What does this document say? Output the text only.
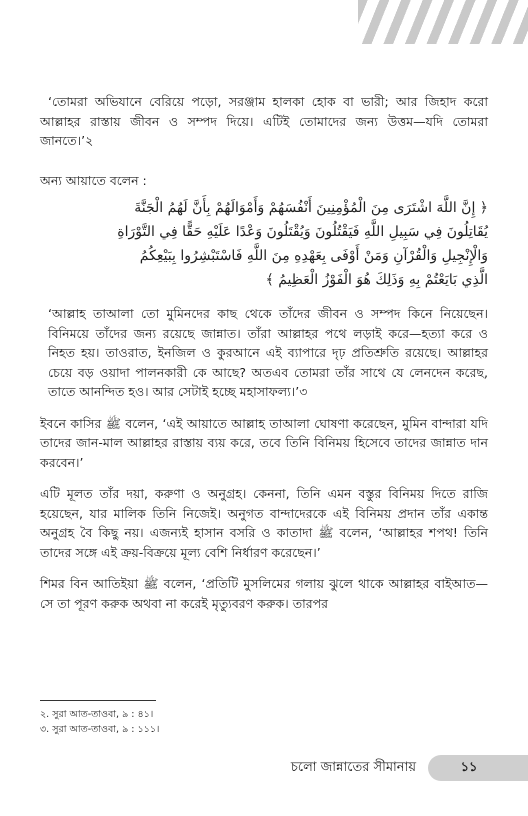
‘তোমরা অভিযানে বেরিয়ে পড়ো, সরঞ্জাম হালকা হোক বা ভারী; আর জিহাদ করো আল্লাহর রাস্তায় জীবন ও সম্পদ দিয়ে। এটিই তোমাদের জন্য উত্তম—যদি তোমরা জানতে।’২

অন্য আয়াতে বলেন :

﴿ إِنَّ اللَّهَ اشْتَرَى مِنَ الْمُؤْمِنِينَ أَنْفُسَهُمْ وَأَمْوَالَهُمْ بِأَنَّ لَهُمُ الْجَنَّةَ
يُقَاتِلُونَ فِي سَبِيلِ اللَّهِ فَيَقْتُلُونَ وَيُقْتَلُونَ وَعْدًا عَلَيْهِ حَقًّا فِي التَّوْرَاةِ
وَالْإِنْجِيلِ وَالْقُرْآنِ وَمَنْ أَوْفَى بِعَهْدِهِ مِنَ اللَّهِ فَاسْتَبْشِرُوا بِبَيْعِكُمُ
الَّذِي بَايَعْتُمْ بِهِ وَذَلِكَ هُوَ الْفَوْزُ الْعَظِيمُ ﴾

‘আল্লাহ তাআলা তো মুমিনদের কাছ থেকে তাঁদের জীবন ও সম্পদ কিনে নিয়েছেন। বিনিময়ে তাঁদের জন্য রয়েছে জান্নাত। তাঁরা আল্লাহর পথে লড়াই করে—হত্যা করে ও নিহত হয়। তাওরাত, ইনজিল ও কুরআনে এই ব্যাপারে দৃঢ় প্রতিশ্রুতি রয়েছে। আল্লাহর চেয়ে বড় ওয়াদা পালনকারী কে আছে? অতএব তোমরা তাঁর সাথে যে লেনদেন করেছ, তাতে আনন্দিত হও। আর সেটাই হচ্ছে মহাসাফল্য।’৩

ইবনে কাসির ﷺ বলেন, ‘এই আয়াতে আল্লাহ তাআলা ঘোষণা করেছেন, মুমিন বান্দারা যদি তাদের জান-মাল আল্লাহর রাস্তায় ব্যয় করে, তবে তিনি বিনিময় হিসেবে তাদের জান্নাত দান করবেন।’

এটি মূলত তাঁর দয়া, করুণা ও অনুগ্রহ। কেননা, তিনি এমন বস্তুর বিনিময় দিতে রাজি হয়েছেন, যার মালিক তিনি নিজেই। অনুগত বান্দাদেরকে এই বিনিময় প্রদান তাঁর একান্ত অনুগ্রহ বৈ কিছু নয়। এজন্যই হাসান বসরি ও কাতাদা ﷺ বলেন, ‘আল্লাহর শপথ! তিনি তাদের সঙ্গে এই ক্রয়-বিক্রয়ে মূল্য বেশি নির্ধারণ করেছেন।’

শিমর বিন আতিইয়া ﷺ বলেন, ‘প্রতিটি মুসলিমের গলায় ঝুলে থাকে আল্লাহর বাইআত—সে তা পূরণ করুক অথবা না করেই মৃত্যুবরণ করুক। তারপর

২. সুরা আত-তাওবা, ৯ : ৪১।
৩. সুরা আত-তাওবা, ৯ : ১১১।
চলো জান্নাতের সীমানায়	১১
